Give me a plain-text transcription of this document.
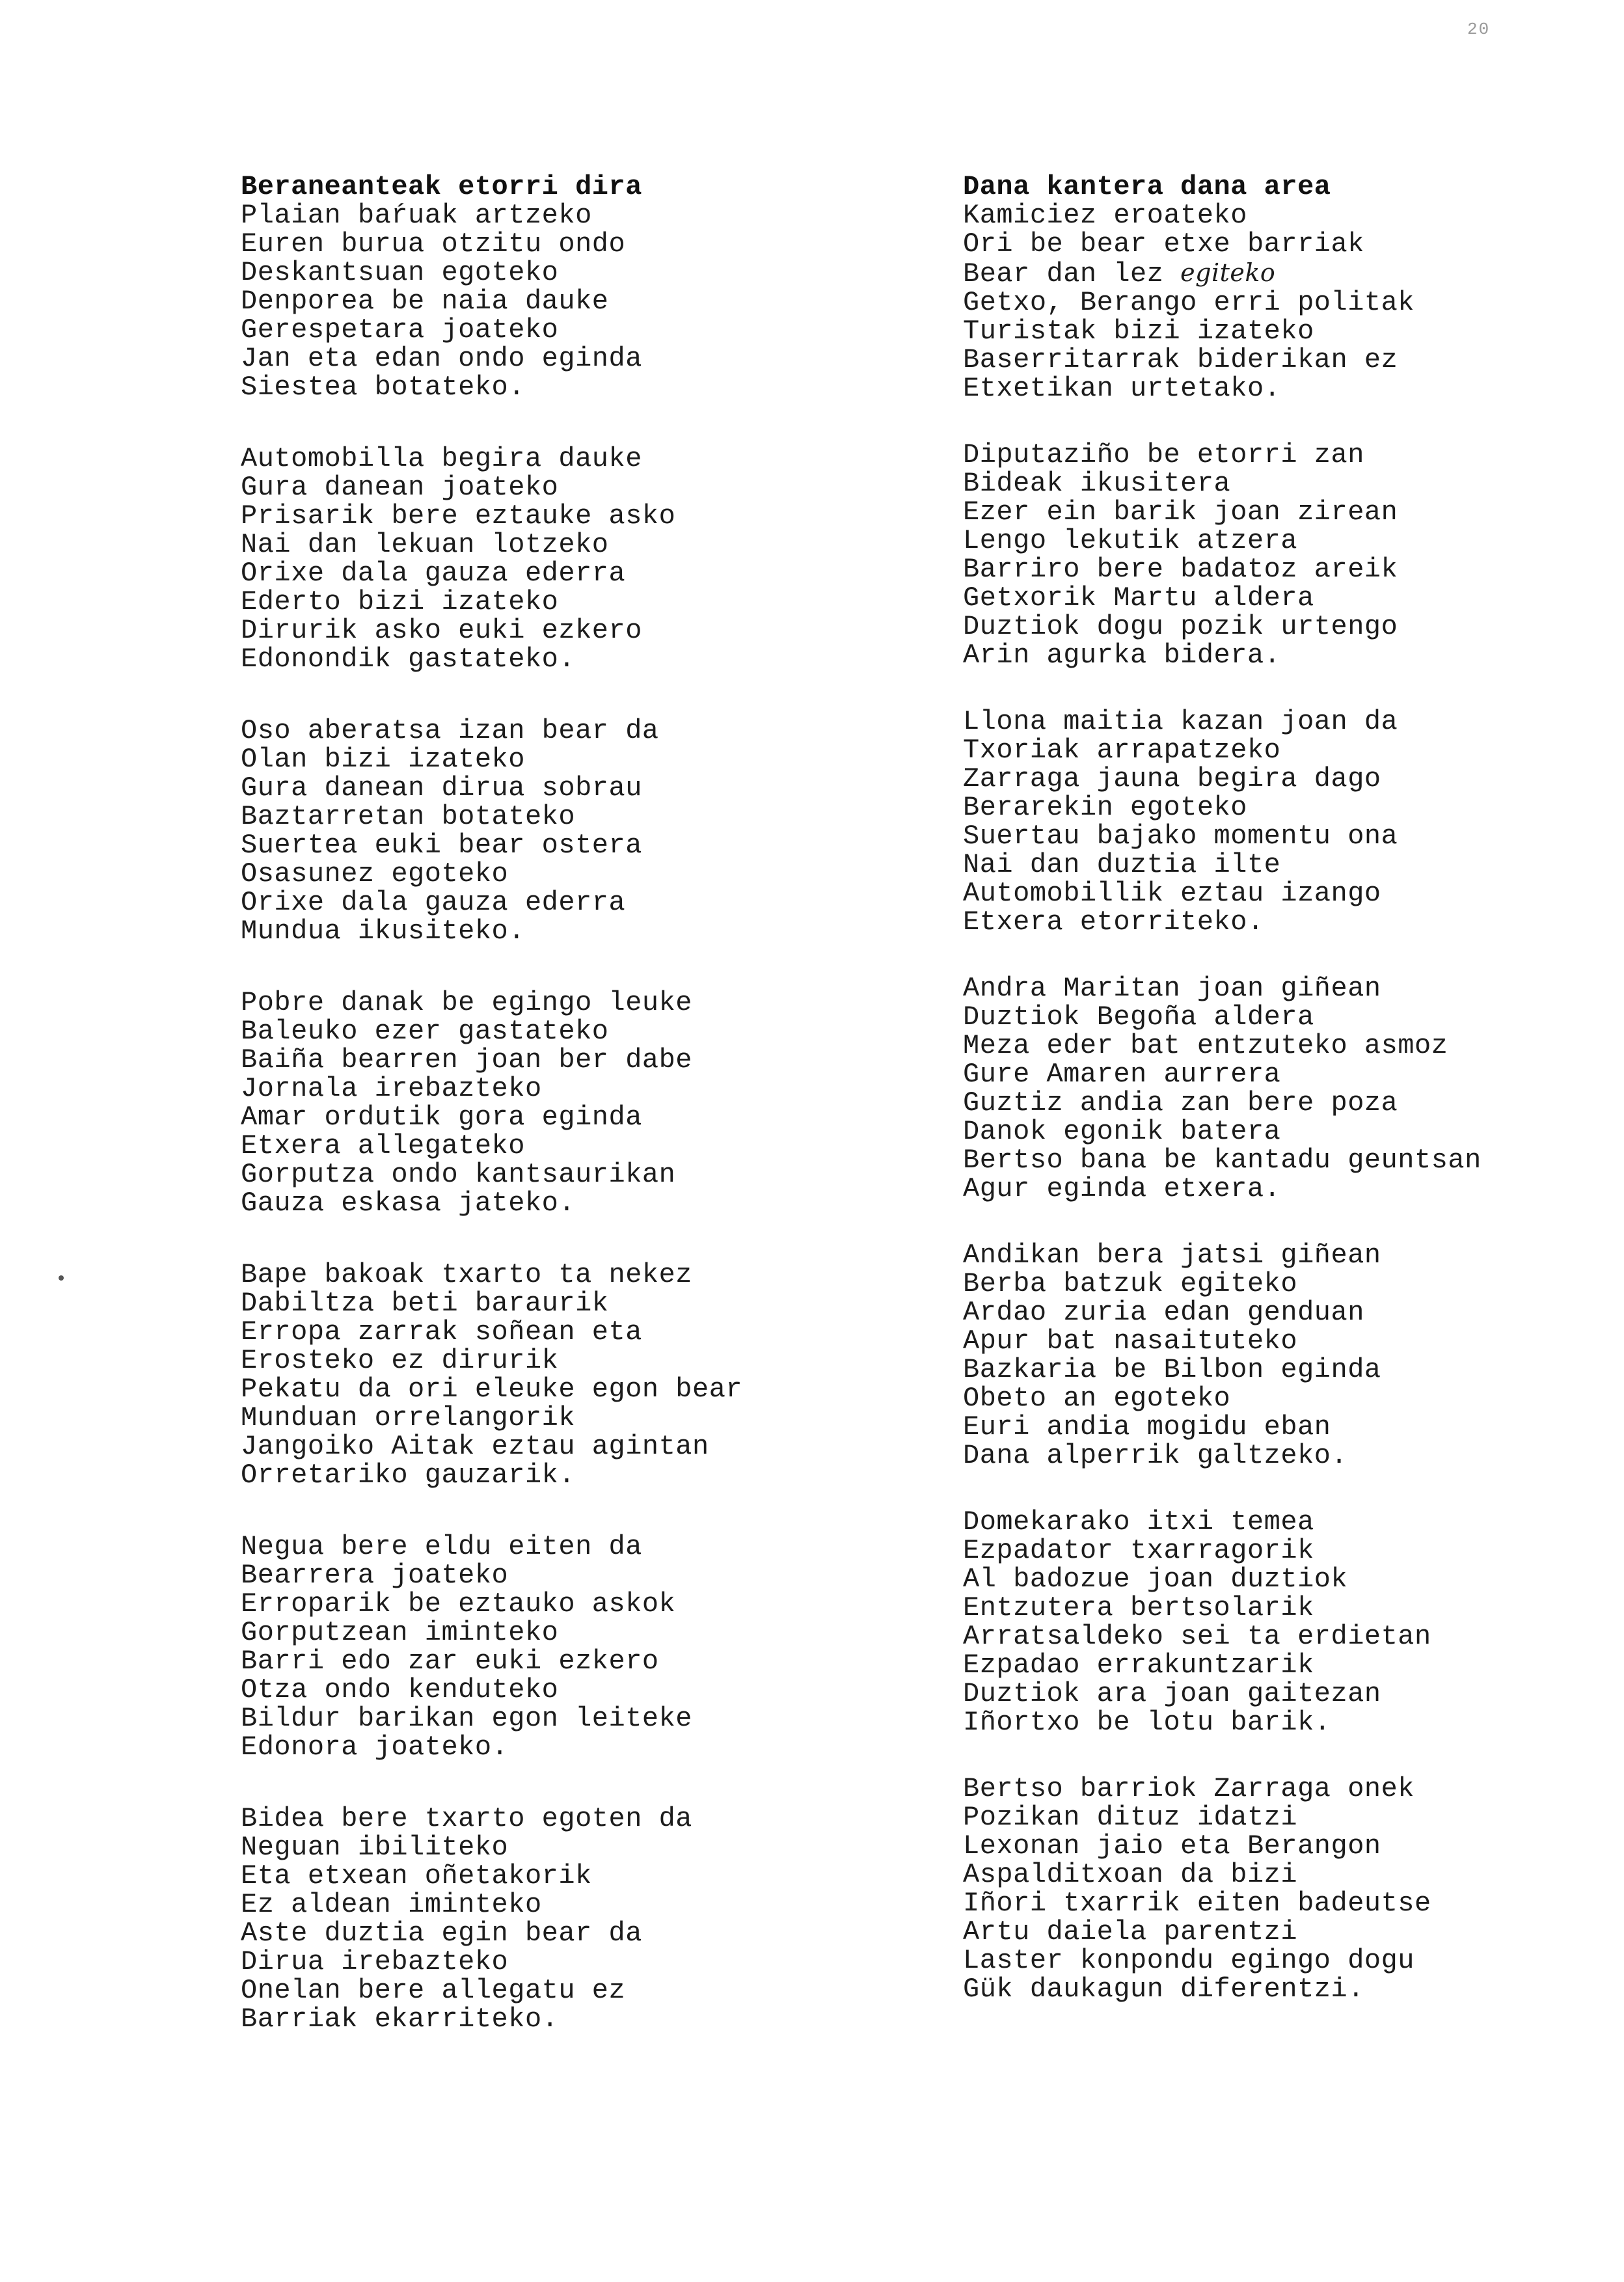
20
Beraneanteak etorri dira
Plaian baŕuak artzeko
Euren burua otzitu ondo
Deskantsuan egoteko
Denporea be naia dauke
Gerespetara joateko
Jan eta edan ondo eginda
Siestea botateko.
Automobilla begira dauke
Gura danean joateko
Prisarik bere eztauke asko
Nai dan lekuan lotzeko
Orixe dala gauza ederra
Ederto bizi izateko
Dirurik asko euki ezkero
Edonondik gastateko.
Oso aberatsa izan bear da
Olan bizi izateko
Gura danean dirua sobrau
Baztarretan botateko
Suertea euki bear ostera
Osasunez egoteko
Orixe dala gauza ederra
Mundua ikusiteko.
Pobre danak be egingo leuke
Baleuko ezer gastateko
Baiña bearren joan ber dabe
Jornala irebazteko
Amar ordutik gora eginda
Etxera allegateko
Gorputza ondo kantsaurikan
Gauza eskasa jateko.
Bape bakoak txarto ta nekez
Dabiltza beti baraurik
Erropa zarrak soñean eta
Erosteko ez dirurik
Pekatu da ori eleuke egon bear
Munduan orrelangorik
Jangoiko Aitak eztau agintan
Orretariko gauzarik.
Negua bere eldu eiten da
Bearrera joateko
Erroparik be eztauko askok
Gorputzean iminteko
Barri edo zar euki ezkero
Otza ondo kenduteko
Bildur barikan egon leiteke
Edonora joateko.
Bidea bere txarto egoten da
Neguan ibiliteko
Eta etxean oñetakorik
Ez aldean iminteko
Aste duztia egin bear da
Dirua irebazteko
Onelan bere allegatu ez
Barriak ekarriteko.
Dana kantera dana area
Kamiciez eroateko
Ori be bear etxe barriak
Bear dan lez egiteko
Getxo, Berango erri politak
Turistak bizi izateko
Baserritarrak biderikan ez
Etxetikan urtetako.
Diputaziño be etorri zan
Bideak ikusitera
Ezer ein barik joan zirean
Lengo lekutik atzera
Barriro bere badatoz areik
Getxorik Martu aldera
Duztiok dogu pozik urtengo
Arin agurka bidera.
Llona maitia kazan joan da
Txoriak arrapatzeko
Zarraga jauna begira dago
Berarekin egoteko
Suertau bajako momentu ona
Nai dan duztia ilte
Automobillik eztau izango
Etxera etorriteko.
Andra Maritan joan giñean
Duztiok Begoña aldera
Meza eder bat entzuteko asmoz
Gure Amaren aurrera
Guztiz andia zan bere poza
Danok egonik batera
Bertso bana be kantadu geuntsan
Agur eginda etxera.
Andikan bera jatsi giñean
Berba batzuk egiteko
Ardao zuria edan genduan
Apur bat nasaituteko
Bazkaria be Bilbon eginda
Obeto an egoteko
Euri andia mogidu eban
Dana alperrik galtzeko.
Domekarako itxi temea
Ezpadator txarragorik
Al badozue joan duztiok
Entzutera bertsolarik
Arratsaldeko sei ta erdietan
Ezpadao errakuntzarik
Duztiok ara joan gaitezan
Iñortxo be lotu barik.
Bertso barriok Zarraga onek
Pozikan dituz idatzi
Lexonan jaio eta Berangon
Aspalditxoan da bizi
Iñori txarrik eiten badeutse
Artu daiela parentzi
Laster konpondu egingo dogu
Gük daukagun diferentzi.
